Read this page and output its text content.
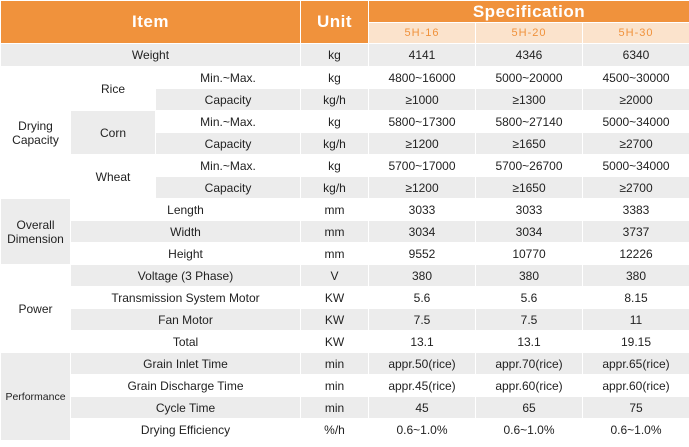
Item			Unit	Specification		
				5H-16	5H-20	5H-30
Weight			kg	4141	4346	6340
Drying
Capacity	Rice	Min.~Max.	kg	4800~16000	5000~20000	4500~30000
		Capacity	kg/h	≥1000	≥1300	≥2000
	Corn	Min.~Max.	kg	5800~17300	5800~27140	5000~34000
		Capacity	kg/h	≥1200	≥1650	≥2700
	Wheat	Min.~Max.	kg	5700~17000	5700~26700	5000~34000
		Capacity	kg/h	≥1200	≥1650	≥2700
Overall
Dimension	Length		mm	3033	3033	3383
	Width		mm	3034	3034	3737
	Height		mm	9552	10770	12226
Power	Voltage (3 Phase)		V	380	380	380
	Transmission System Motor		KW	5.6	5.6	8.15
	Fan Motor		KW	7.5	7.5	11
	Total		KW	13.1	13.1	19.15
Performance	Grain Inlet Time		min	appr.50(rice)	appr.70(rice)	appr.65(rice)
	Grain Discharge Time		min	appr.45(rice)	appr.60(rice)	appr.60(rice)
	Cycle Time		min	45	65	75
	Drying Efficiency		%/h	0.6~1.0%	0.6~1.0%	0.6~1.0%
